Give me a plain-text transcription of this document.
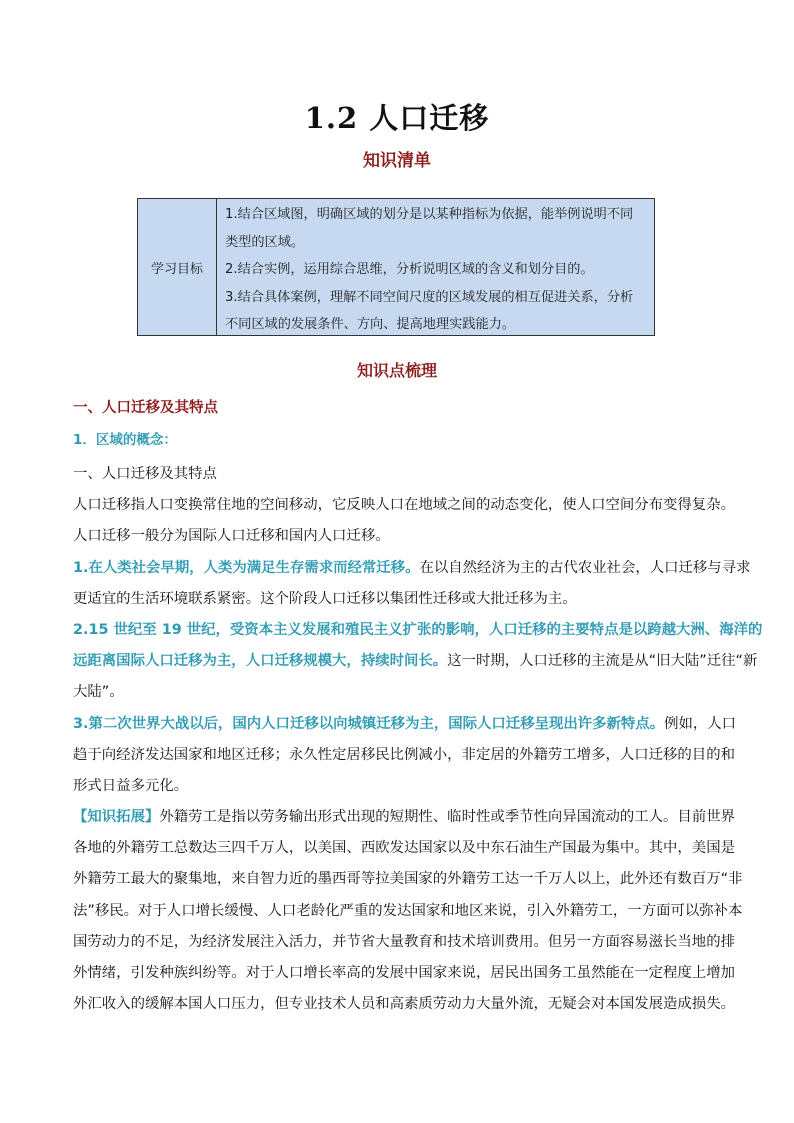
1.2 人口迁移
知识清单
学习目标
1.结合区域图，明确区域的划分是以某种指标为依据，能举例说明不同
类型的区域。
2.结合实例，运用综合思维，分析说明区域的含义和划分目的。
3.结合具体案例，理解不同空间尺度的区域发展的相互促进关系，分析
不同区域的发展条件、方向、提高地理实践能力。
知识点梳理
一、人口迁移及其特点
1．区域的概念：
一、人口迁移及其特点
人口迁移指人口变换常住地的空间移动，它反映人口在地域之间的动态变化，使人口空间分布变得复杂。
人口迁移一般分为国际人口迁移和国内人口迁移。
1.在人类社会早期，人类为满足生存需求而经常迁移。在以自然经济为主的古代农业社会，人口迁移与寻求
更适宜的生活环境联系紧密。这个阶段人口迁移以集团性迁移或大批迁移为主。
2.15 世纪至 19 世纪，受资本主义发展和殖民主义扩张的影响，人口迁移的主要特点是以跨越大洲、海洋的
远距离国际人口迁移为主，人口迁移规模大，持续时间长。这一时期，人口迁移的主流是从“旧大陆”迁往“新
大陆”。
3.第二次世界大战以后，国内人口迁移以向城镇迁移为主，国际人口迁移呈现出许多新特点。例如，人口
趋于向经济发达国家和地区迁移；永久性定居移民比例减小，非定居的外籍劳工增多，人口迁移的目的和
形式日益多元化。
【知识拓展】外籍劳工是指以劳务输出形式出现的短期性、临时性或季节性向异国流动的工人。目前世界
各地的外籍劳工总数达三四千万人，以美国、西欧发达国家以及中东石油生产国最为集中。其中，美国是
外籍劳工最大的聚集地，来自智力近的墨西哥等拉美国家的外籍劳工达一千万人以上，此外还有数百万“非
法”移民。对于人口增长缓慢、人口老龄化严重的发达国家和地区来说，引入外籍劳工，一方面可以弥补本
国劳动力的不足，为经济发展注入活力，并节省大量教育和技术培训费用。但另一方面容易滋长当地的排
外情绪，引发种族纠纷等。对于人口增长率高的发展中国家来说，居民出国务工虽然能在一定程度上增加
外汇收入的缓解本国人口压力，但专业技术人员和高素质劳动力大量外流，无疑会对本国发展造成损失。
